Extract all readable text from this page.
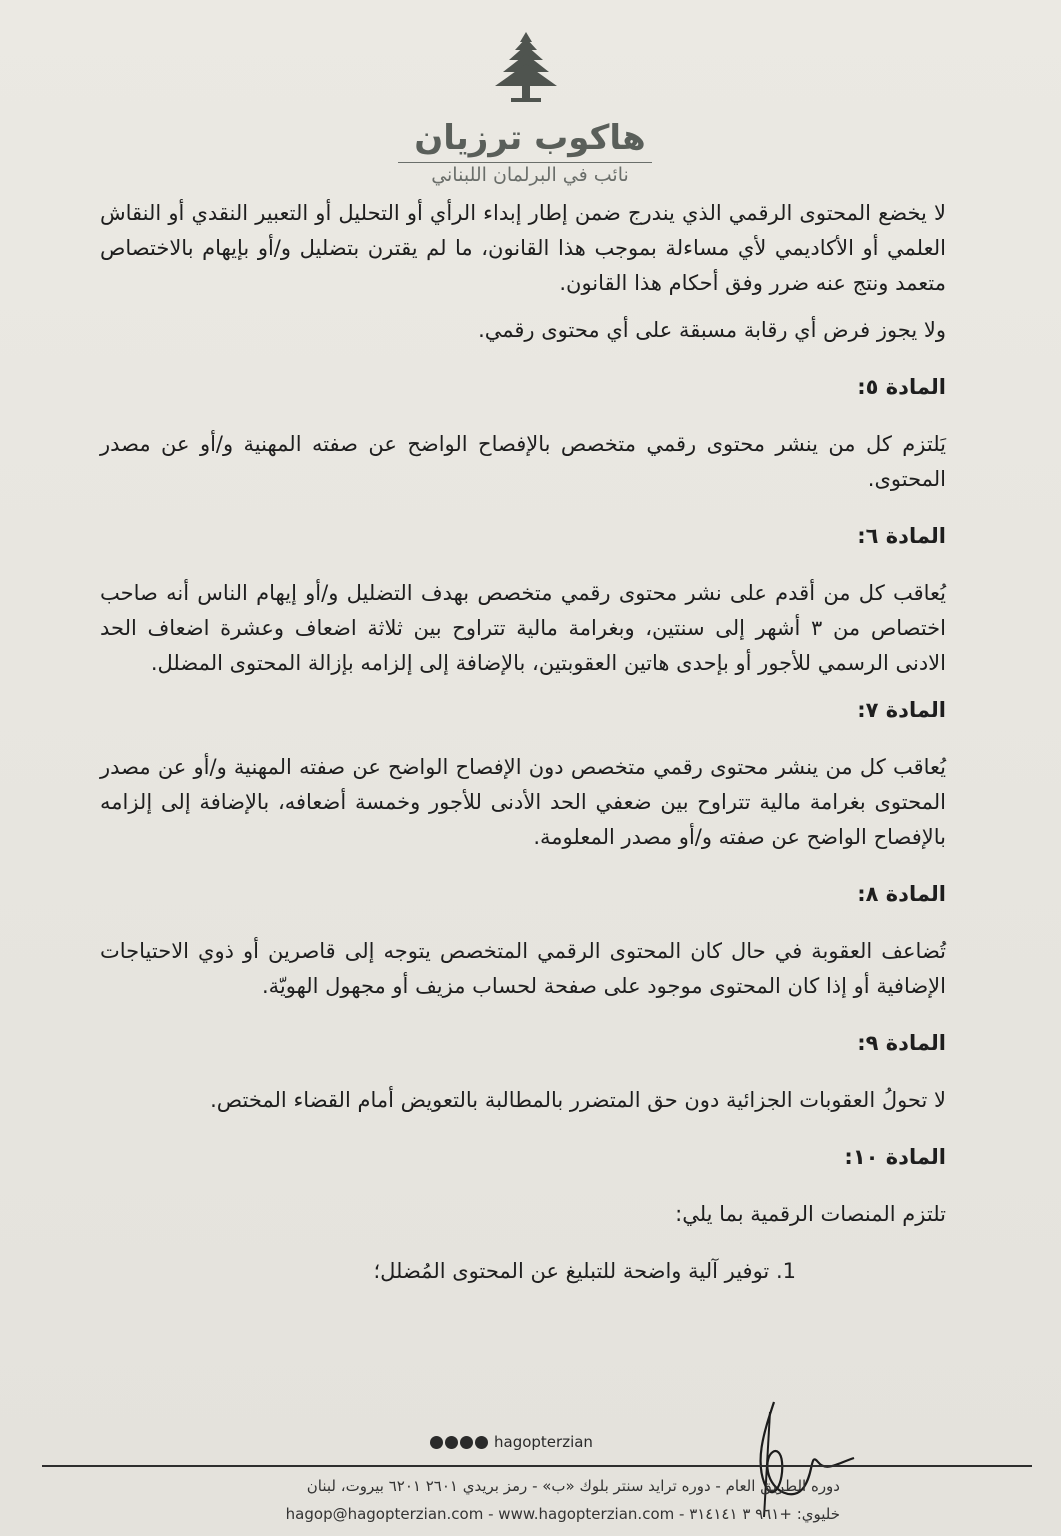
هاكوب ترزيان
نائب في البرلمان اللبناني

لا يخضع المحتوى الرقمي الذي يندرج ضمن إطار إبداء الرأي أو التحليل أو التعبير النقدي أو النقاش العلمي أو الأكاديمي لأي مساءلة بموجب هذا القانون، ما لم يقترن بتضليل و/أو بإيهام بالاختصاص متعمد ونتج عنه ضرر وفق أحكام هذا القانون.

ولا يجوز فرض أي رقابة مسبقة على أي محتوى رقمي.

المادة ٥:

يَلتزم كل من ينشر محتوى رقمي متخصص بالإفصاح الواضح عن صفته المهنية و/أو عن مصدر المحتوى.

المادة ٦:

يُعاقب كل من أقدم على نشر محتوى رقمي متخصص بهدف التضليل و/أو إيهام الناس أنه صاحب اختصاص من ٣ أشهر إلى سنتين، وبغرامة مالية تتراوح بين ثلاثة اضعاف وعشرة اضعاف الحد الادنى الرسمي للأجور أو بإحدى هاتين العقوبتين، بالإضافة إلى إلزامه بإزالة المحتوى المضلل.

المادة ٧:

يُعاقب كل من ينشر محتوى رقمي متخصص دون الإفصاح الواضح عن صفته المهنية و/أو عن مصدر المحتوى بغرامة مالية تتراوح بين ضعفي الحد الأدنى للأجور وخمسة أضعافه، بالإضافة إلى إلزامه بالإفصاح الواضح عن صفته و/أو مصدر المعلومة.

المادة ٨:

تُضاعف العقوبة في حال كان المحتوى الرقمي المتخصص يتوجه إلى قاصرين أو ذوي الاحتياجات الإضافية أو إذا كان المحتوى موجود على صفحة لحساب مزيف أو مجهول الهويّة.

المادة ٩:

لا تحولُ العقوبات الجزائية دون حق المتضرر بالمطالبة بالتعويض أمام القضاء المختص.

المادة ١٠:

تلتزم المنصات الرقمية بما يلي:

1. توفير آلية واضحة للتبليغ عن المحتوى المُضلل؛

hagopterzian
دوره الطريق العام - دوره ترايد سنتر بلوك «ب» - رمز بريدي ٢٦٠١ ٦٢٠١ بيروت، لبنان
خليوي: +٩٦١ ٣ ٣١٤١٤١ - www.hagopterzian.com - hagop@hagopterzian.com
